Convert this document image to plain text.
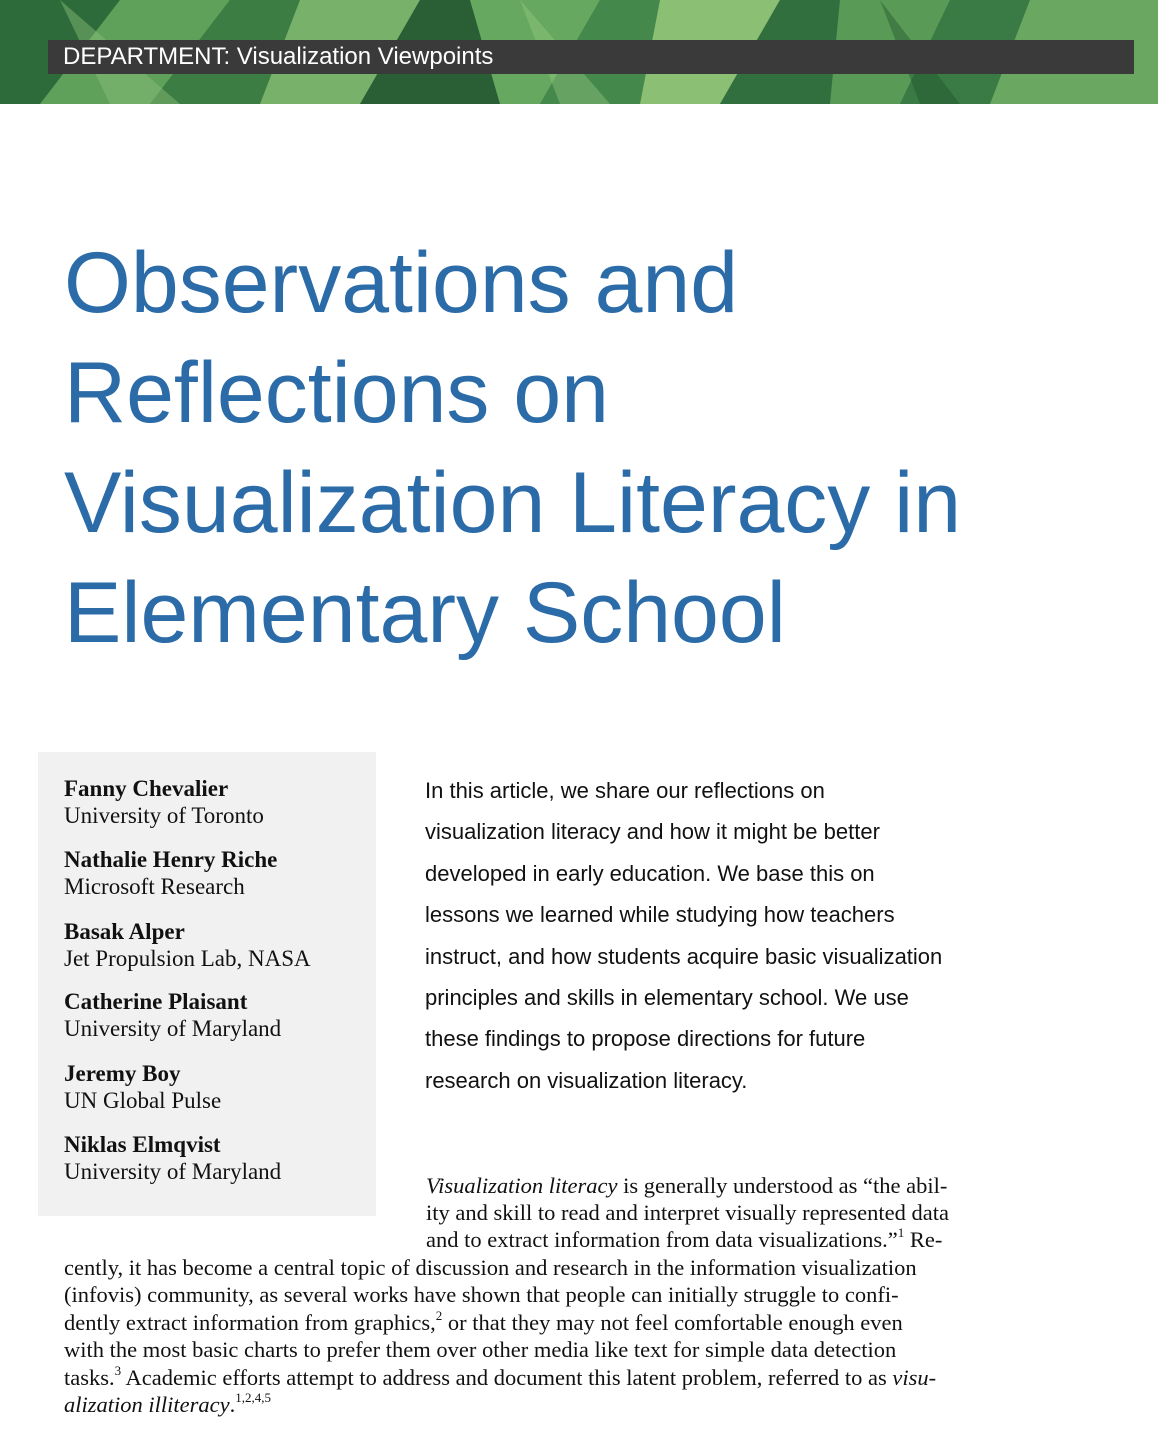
DEPARTMENT: Visualization Viewpoints
Observations and
Reflections on
Visualization Literacy in
Elementary School
Fanny Chevalier
University of Toronto
Nathalie Henry Riche
Microsoft Research
Basak Alper
Jet Propulsion Lab, NASA
Catherine Plaisant
University of Maryland
Jeremy Boy
UN Global Pulse
Niklas Elmqvist
University of Maryland
In this article, we share our reflections on
visualization literacy and how it might be better
developed in early education. We base this on
lessons we learned while studying how teachers
instruct, and how students acquire basic visualization
principles and skills in elementary school. We use
these findings to propose directions for future
research on visualization literacy.
Visualization literacy is generally understood as “the abil-
ity and skill to read and interpret visually represented data
and to extract information from data visualizations.”$^1$ Re-
cently, it has become a central topic of discussion and research in the information visualization
(infovis) community, as several works have shown that people can initially struggle to confi-
dently extract information from graphics,$^2$ or that they may not feel comfortable enough even
with the most basic charts to prefer them over other media like text for simple data detection
tasks.$^3$ Academic efforts attempt to address and document this latent problem, referred to as visu-
alization illiteracy.$^{1,2,4,5}$
